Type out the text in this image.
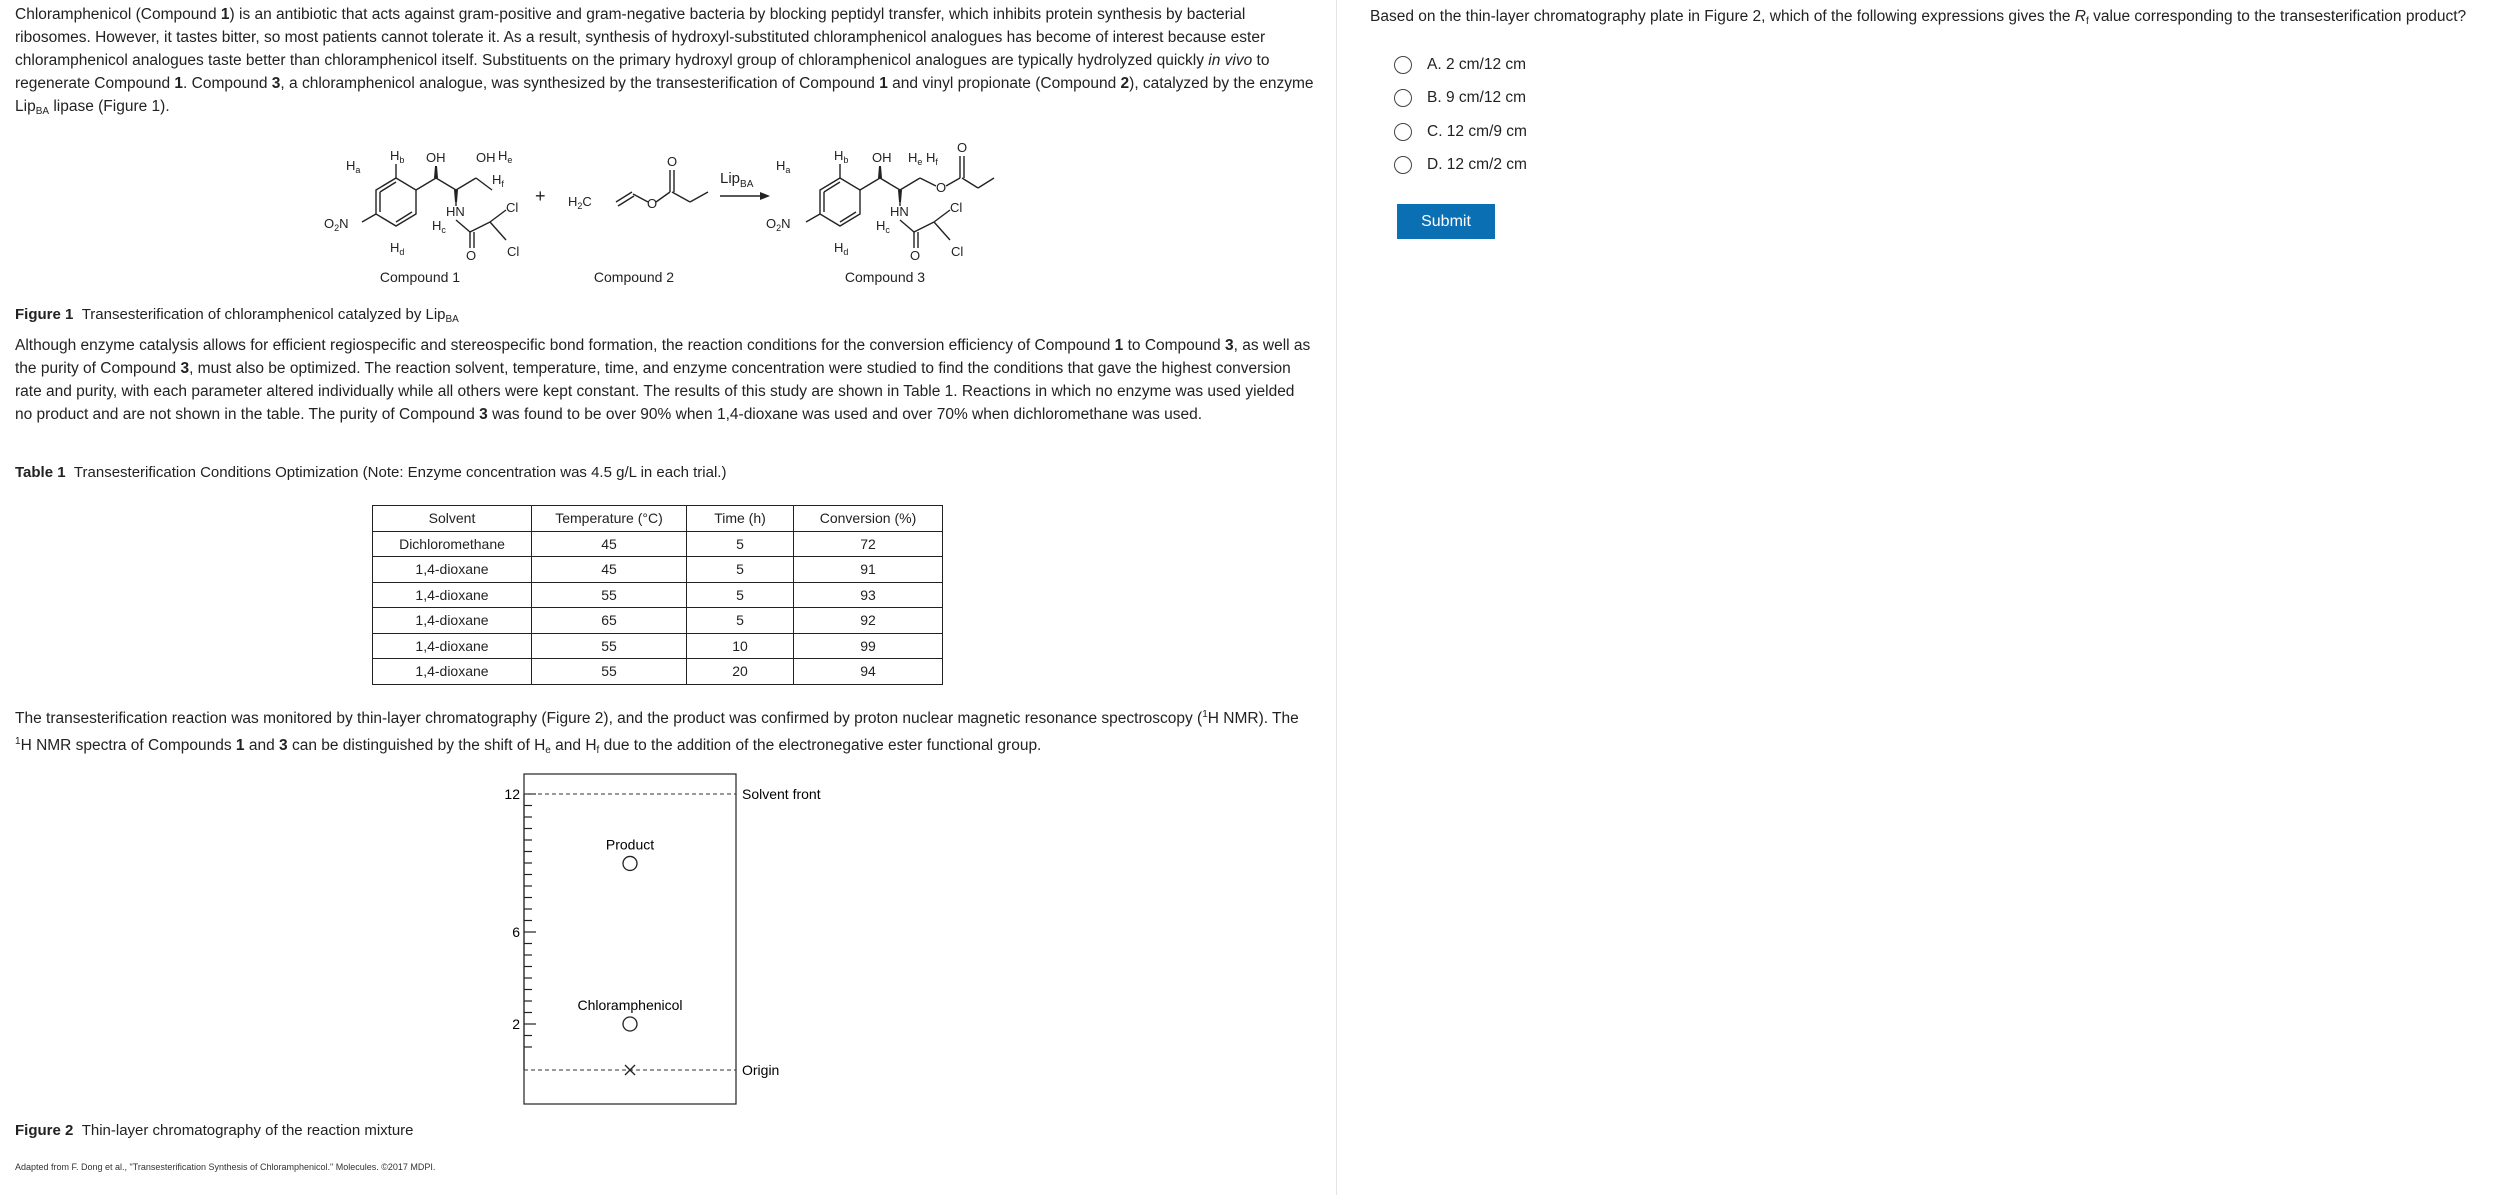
Chloramphenicol (Compound 1) is an antibiotic that acts against gram-positive and gram-negative bacteria by blocking peptidyl transfer, which inhibits protein synthesis by bacterial ribosomes. However, it tastes bitter, so most patients cannot tolerate it. As a result, synthesis of hydroxyl-substituted chloramphenicol analogues has become of interest because ester chloramphenicol analogues taste better than chloramphenicol itself. Substituents on the primary hydroxyl group of chloramphenicol analogues are typically hydrolyzed quickly in vivo to regenerate Compound 1. Compound 3, a chloramphenicol analogue, was synthesized by the transesterification of Compound 1 and vinyl propionate (Compound 2), catalyzed by the enzyme Lip$_{BA}$ lipase (Figure 1).

$H_b$
$H_a$
OH OH $H_e$
$H_f$
HN
$H_c$
$O_2N$
$H_d$
Cl
Cl
O
+ $H_2C$	O
O
Lip$_{BA}$
$H_b$
$H_a$
OH $H_e$ $H_f$
O
O
HN
$H_c$
$O_2N$
$H_d$
Cl
Cl
O
Compound 1	Compound 2	Compound 3

Figure 1 Transesterification of chloramphenicol catalyzed by Lip$_{BA}$

Although enzyme catalysis allows for efficient regiospecific and stereospecific bond formation, the reaction conditions for the conversion efficiency of Compound 1 to Compound 3, as well as the purity of Compound 3, must also be optimized. The reaction solvent, temperature, time, and enzyme concentration were studied to find the conditions that gave the highest conversion rate and purity, with each parameter altered individually while all others were kept constant. The results of this study are shown in Table 1. Reactions in which no enzyme was used yielded no product and are not shown in the table. The purity of Compound 3 was found to be over 90% when 1,4-dioxane was used and over 70% when dichloromethane was used.

Table 1 Transesterification Conditions Optimization (Note: Enzyme concentration was 4.5 g/L in each trial.)

Solvent	Temperature (°C)	Time (h)	Conversion (%)
Dichloromethane	45	5	72
1,4-dioxane	45	5	91
1,4-dioxane	55	5	93
1,4-dioxane	65	5	92
1,4-dioxane	55	10	99
1,4-dioxane	55	20	94

The transesterification reaction was monitored by thin-layer chromatography (Figure 2), and the product was confirmed by proton nuclear magnetic resonance spectroscopy ($^1$H NMR). The $^1$H NMR spectra of Compounds 1 and 3 can be distinguished by the shift of $H_e$ and $H_f$ due to the addition of the electronegative ester functional group.

Product
Chloramphenicol
Solvent front
Origin
12
6
2

Figure 2 Thin-layer chromatography of the reaction mixture

Adapted from F. Dong et al., "Transesterification Synthesis of Chloramphenicol." Molecules. ©2017 MDPI.

Based on the thin-layer chromatography plate in Figure 2, which of the following expressions gives the $R_f$ value corresponding to the transesterification product?

A. 2 cm/12 cm
B. 9 cm/12 cm
C. 12 cm/9 cm
D. 12 cm/2 cm
Submit
